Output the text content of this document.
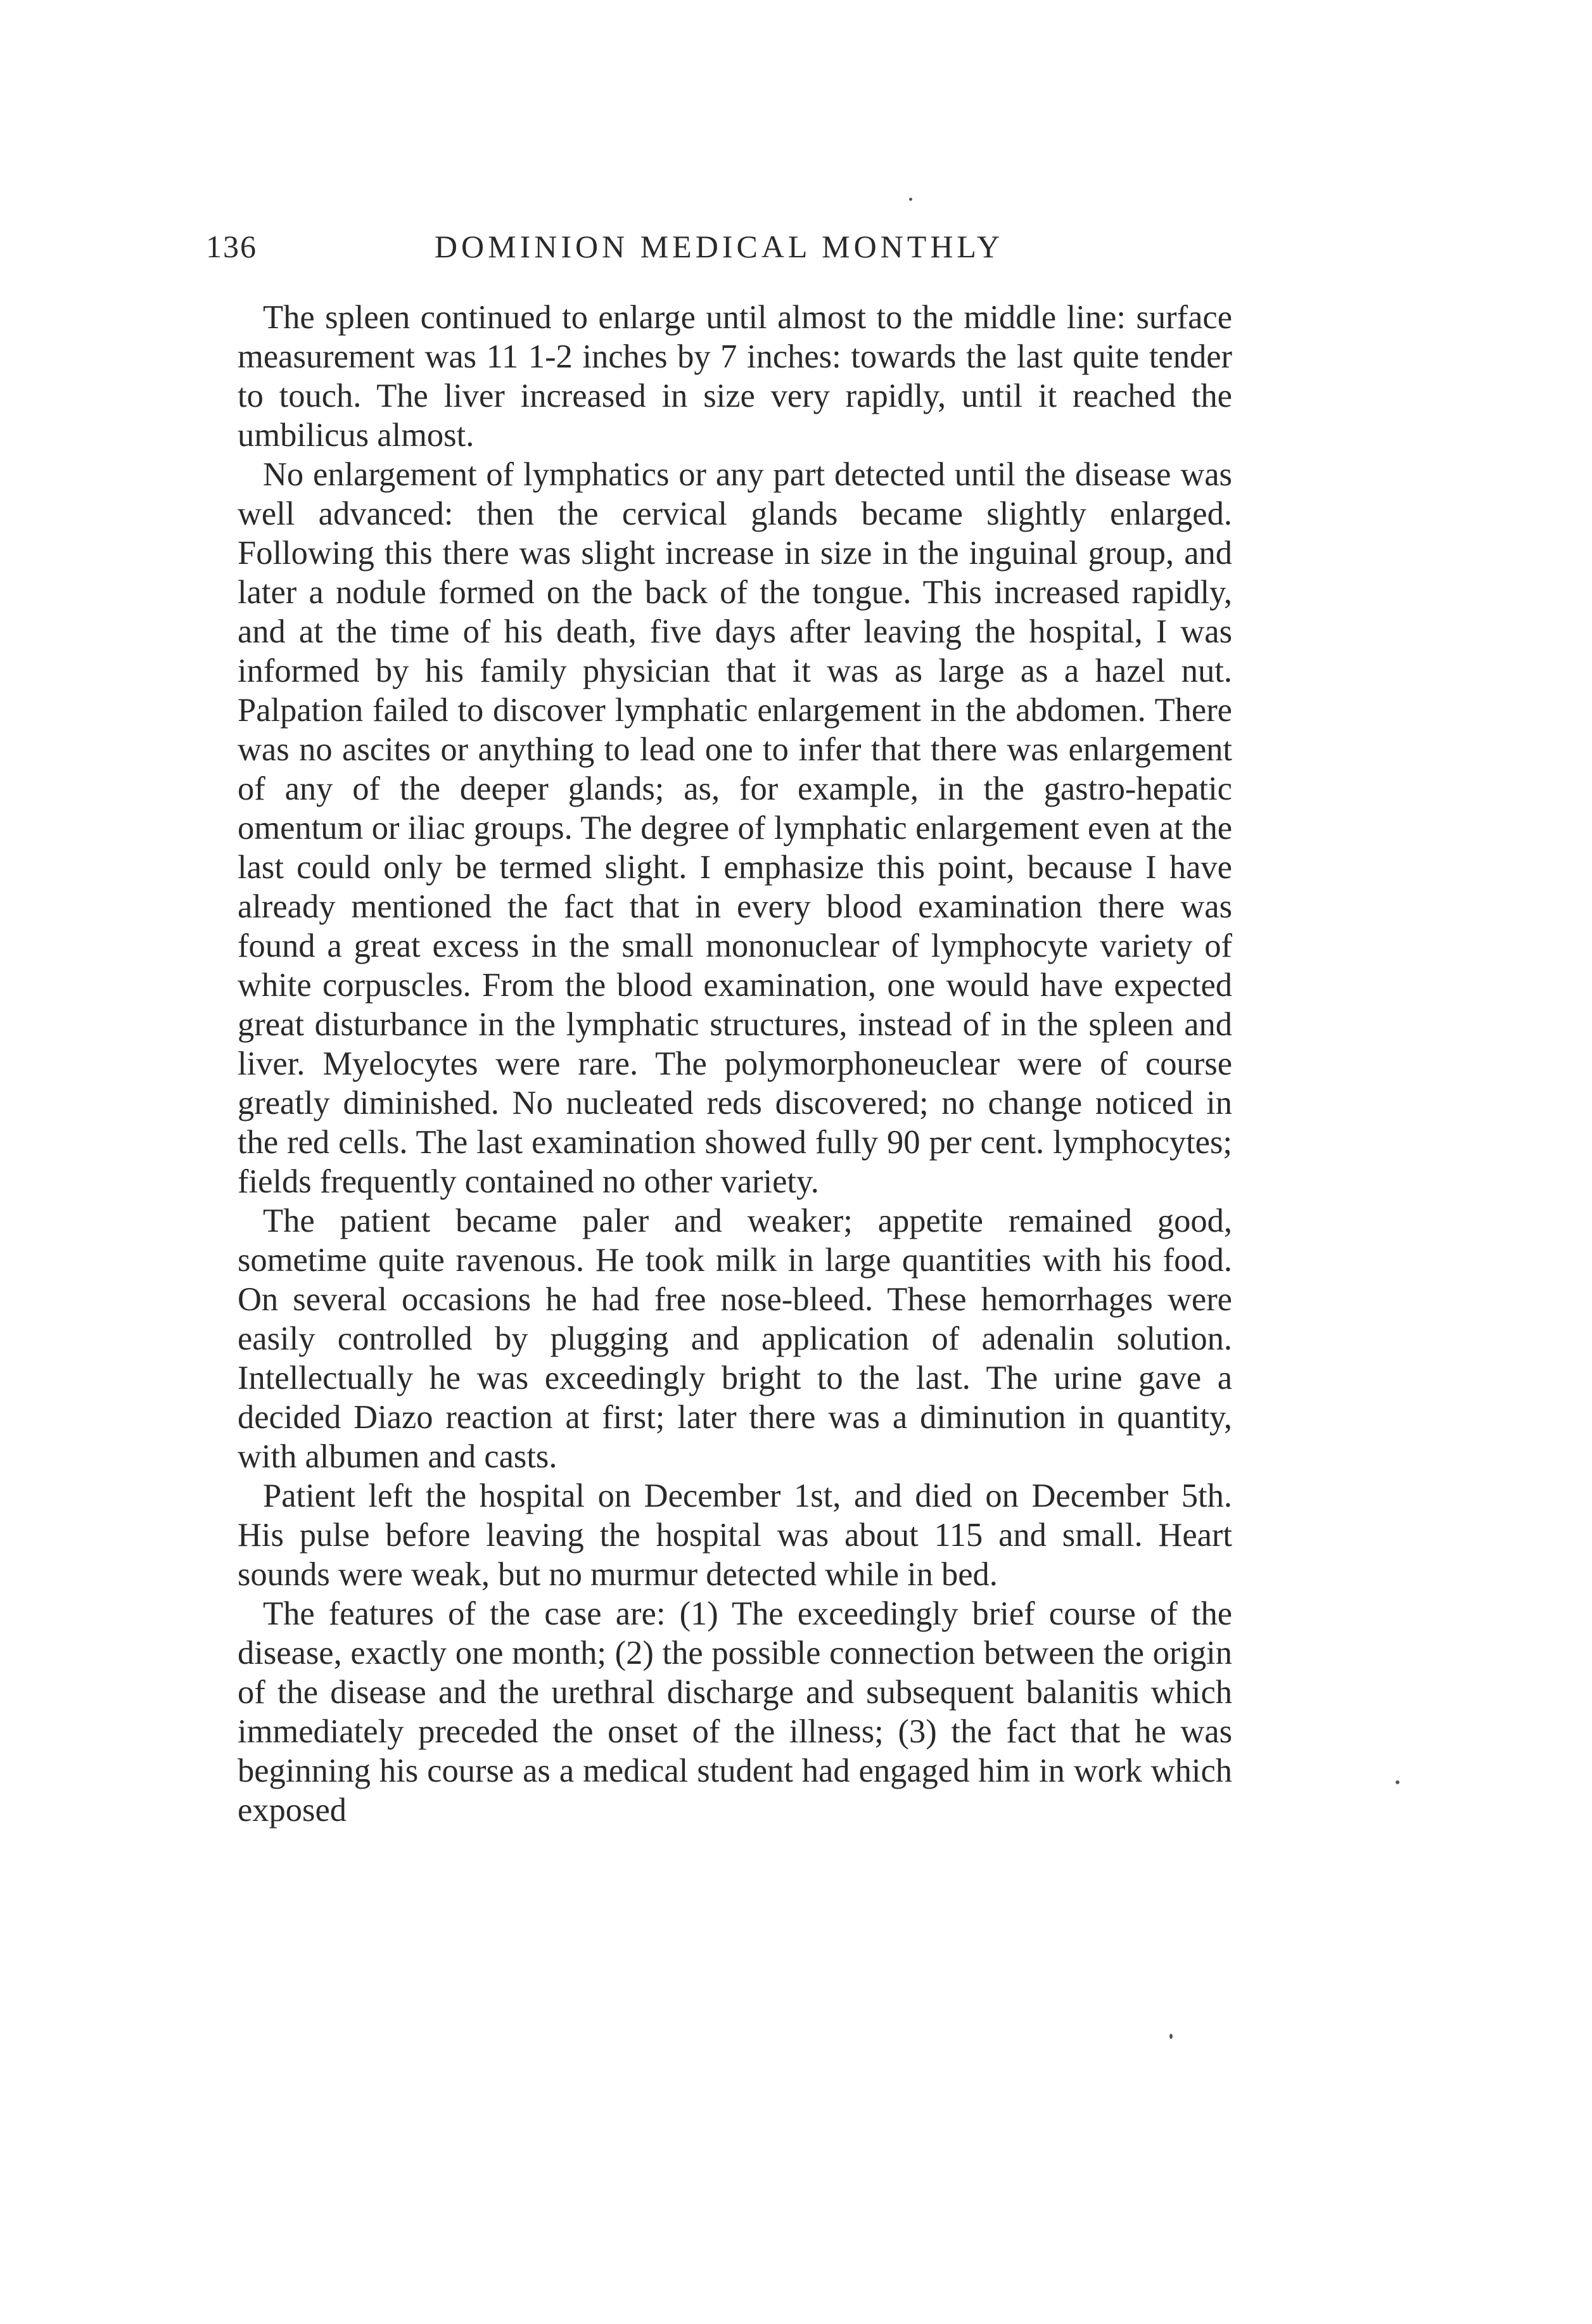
136	DOMINION MEDICAL MONTHLY

The spleen continued to enlarge until almost to the middle line: surface measurement was 11 1-2 inches by 7 inches: towards the last quite tender to touch. The liver increased in size very rapidly, until it reached the umbilicus almost.

No enlargement of lymphatics or any part detected until the disease was well advanced: then the cervical glands became slightly enlarged. Following this there was slight increase in size in the inguinal group, and later a nodule formed on the back of the tongue. This increased rapidly, and at the time of his death, five days after leaving the hospital, I was informed by his family physician that it was as large as a hazel nut. Palpation failed to discover lymphatic enlargement in the abdomen. There was no ascites or anything to lead one to infer that there was enlargement of any of the deeper glands; as, for example, in the gastro-hepatic omentum or iliac groups. The degree of lymphatic enlargement even at the last could only be termed slight. I emphasize this point, because I have already mentioned the fact that in every blood examination there was found a great excess in the small mononuclear of lymphocyte variety of white corpuscles. From the blood examination, one would have expected great disturbance in the lymphatic structures, instead of in the spleen and liver. Myelocytes were rare. The polymorphoneuclear were of course greatly diminished. No nucleated reds discovered; no change noticed in the red cells. The last examination showed fully 90 per cent. lymphocytes; fields frequently contained no other variety.

The patient became paler and weaker; appetite remained good, sometime quite ravenous. He took milk in large quantities with his food. On several occasions he had free nose-bleed. These hemorrhages were easily controlled by plugging and application of adenalin solution. Intellectually he was exceedingly bright to the last. The urine gave a decided Diazo reaction at first; later there was a diminution in quantity, with albumen and casts.

Patient left the hospital on December 1st, and died on December 5th. His pulse before leaving the hospital was about 115 and small. Heart sounds were weak, but no murmur detected while in bed.

The features of the case are: (1) The exceedingly brief course of the disease, exactly one month; (2) the possible connection between the origin of the disease and the urethral discharge and subsequent balanitis which immediately preceded the onset of the illness; (3) the fact that he was beginning his course as a medical student had engaged him in work which exposed
